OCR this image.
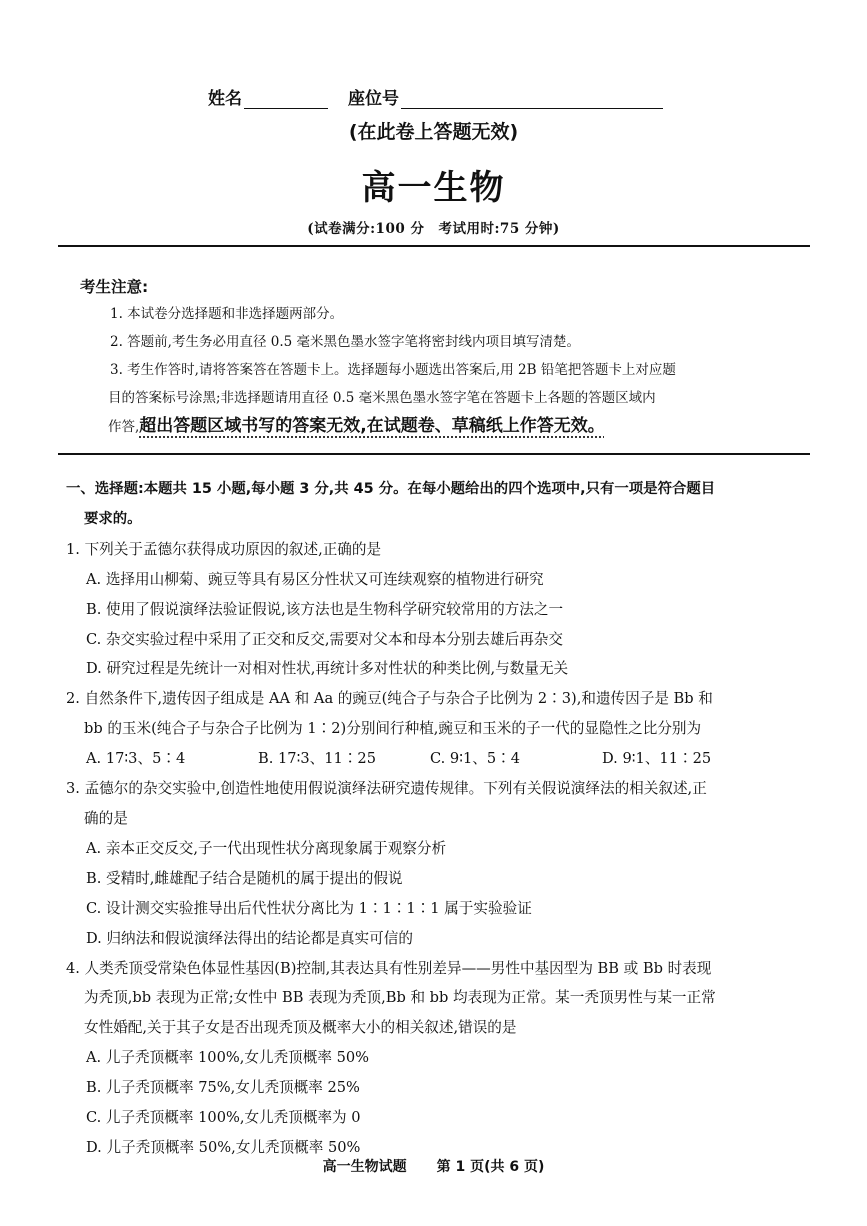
姓名	座位号
(在此卷上答题无效)
高一生物
(试卷满分:100 分　考试用时:75 分钟)
考生注意:

1. 本试卷分选择题和非选择题两部分。

2. 答题前,考生务必用直径 0.5 毫米黑色墨水签字笔将密封线内项目填写清楚。

3. 考生作答时,请将答案答在答题卡上。选择题每小题选出答案后,用 2B 铅笔把答题卡上对应题

目的答案标号涂黑;非选择题请用直径 0.5 毫米黑色墨水签字笔在答题卡上各题的答题区域内

作答,超出答题区域书写的答案无效,在试题卷、草稿纸上作答无效。

一、选择题:本题共 15 小题,每小题 3 分,共 45 分。在每小题给出的四个选项中,只有一项是符合题目

要求的。

1. 下列关于孟德尔获得成功原因的叙述,正确的是

A. 选择用山柳菊、豌豆等具有易区分性状又可连续观察的植物进行研究

B. 使用了假说演绎法验证假说,该方法也是生物科学研究较常用的方法之一

C. 杂交实验过程中采用了正交和反交,需要对父本和母本分别去雄后再杂交

D. 研究过程是先统计一对相对性状,再统计多对性状的种类比例,与数量无关

2. 自然条件下,遗传因子组成是 AA 和 Aa 的豌豆(纯合子与杂合子比例为 2∶3),和遗传因子是 Bb 和

bb 的玉米(纯合子与杂合子比例为 1∶2)分别间行种植,豌豆和玉米的子一代的显隐性之比分别为

A. 17∶3、5∶4	B. 17∶3、11∶25	C. 9∶1、5∶4	D. 9∶1、11∶25

3. 孟德尔的杂交实验中,创造性地使用假说演绎法研究遗传规律。下列有关假说演绎法的相关叙述,正

确的是

A. 亲本正交反交,子一代出现性状分离现象属于观察分析

B. 受精时,雌雄配子结合是随机的属于提出的假说

C. 设计测交实验推导出后代性状分离比为 1∶1∶1∶1 属于实验验证

D. 归纳法和假说演绎法得出的结论都是真实可信的

4. 人类秃顶受常染色体显性基因(B)控制,其表达具有性别差异——男性中基因型为 BB 或 Bb 时表现

为秃顶,bb 表现为正常;女性中 BB 表现为秃顶,Bb 和 bb 均表现为正常。某一秃顶男性与某一正常

女性婚配,关于其子女是否出现秃顶及概率大小的相关叙述,错误的是

A. 儿子秃顶概率 100%,女儿秃顶概率 50%

B. 儿子秃顶概率 75%,女儿秃顶概率 25%

C. 儿子秃顶概率 100%,女儿秃顶概率为 0

D. 儿子秃顶概率 50%,女儿秃顶概率 50%

高一生物试题 第 1 页(共 6 页)
